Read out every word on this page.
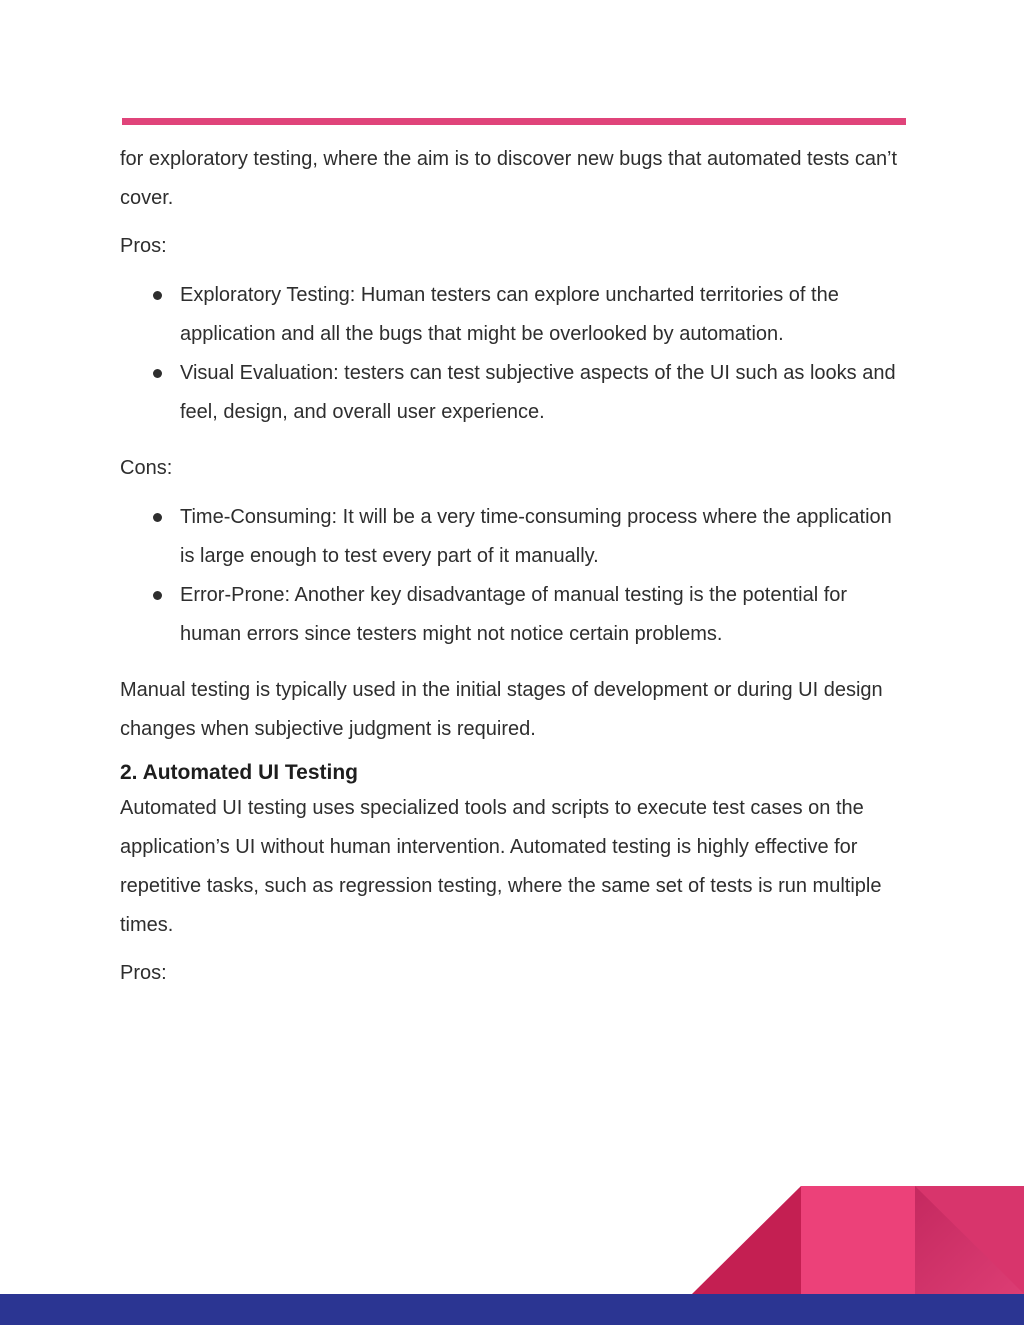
for exploratory testing, where the aim is to discover new bugs that automated tests can’t cover.

Pros:

Exploratory Testing: Human testers can explore uncharted territories of the application and all the bugs that might be overlooked by automation.
Visual Evaluation: testers can test subjective aspects of the UI such as looks and feel, design, and overall user experience.

Cons:

Time-Consuming: It will be a very time-consuming process where the application is large enough to test every part of it manually.
Error-Prone: Another key disadvantage of manual testing is the potential for human errors since testers might not notice certain problems.

Manual testing is typically used in the initial stages of development or during UI design changes when subjective judgment is required.

2. Automated UI Testing

Automated UI testing uses specialized tools and scripts to execute test cases on the application’s UI without human intervention. Automated testing is highly effective for repetitive tasks, such as regression testing, where the same set of tests is run multiple times.

Pros:
